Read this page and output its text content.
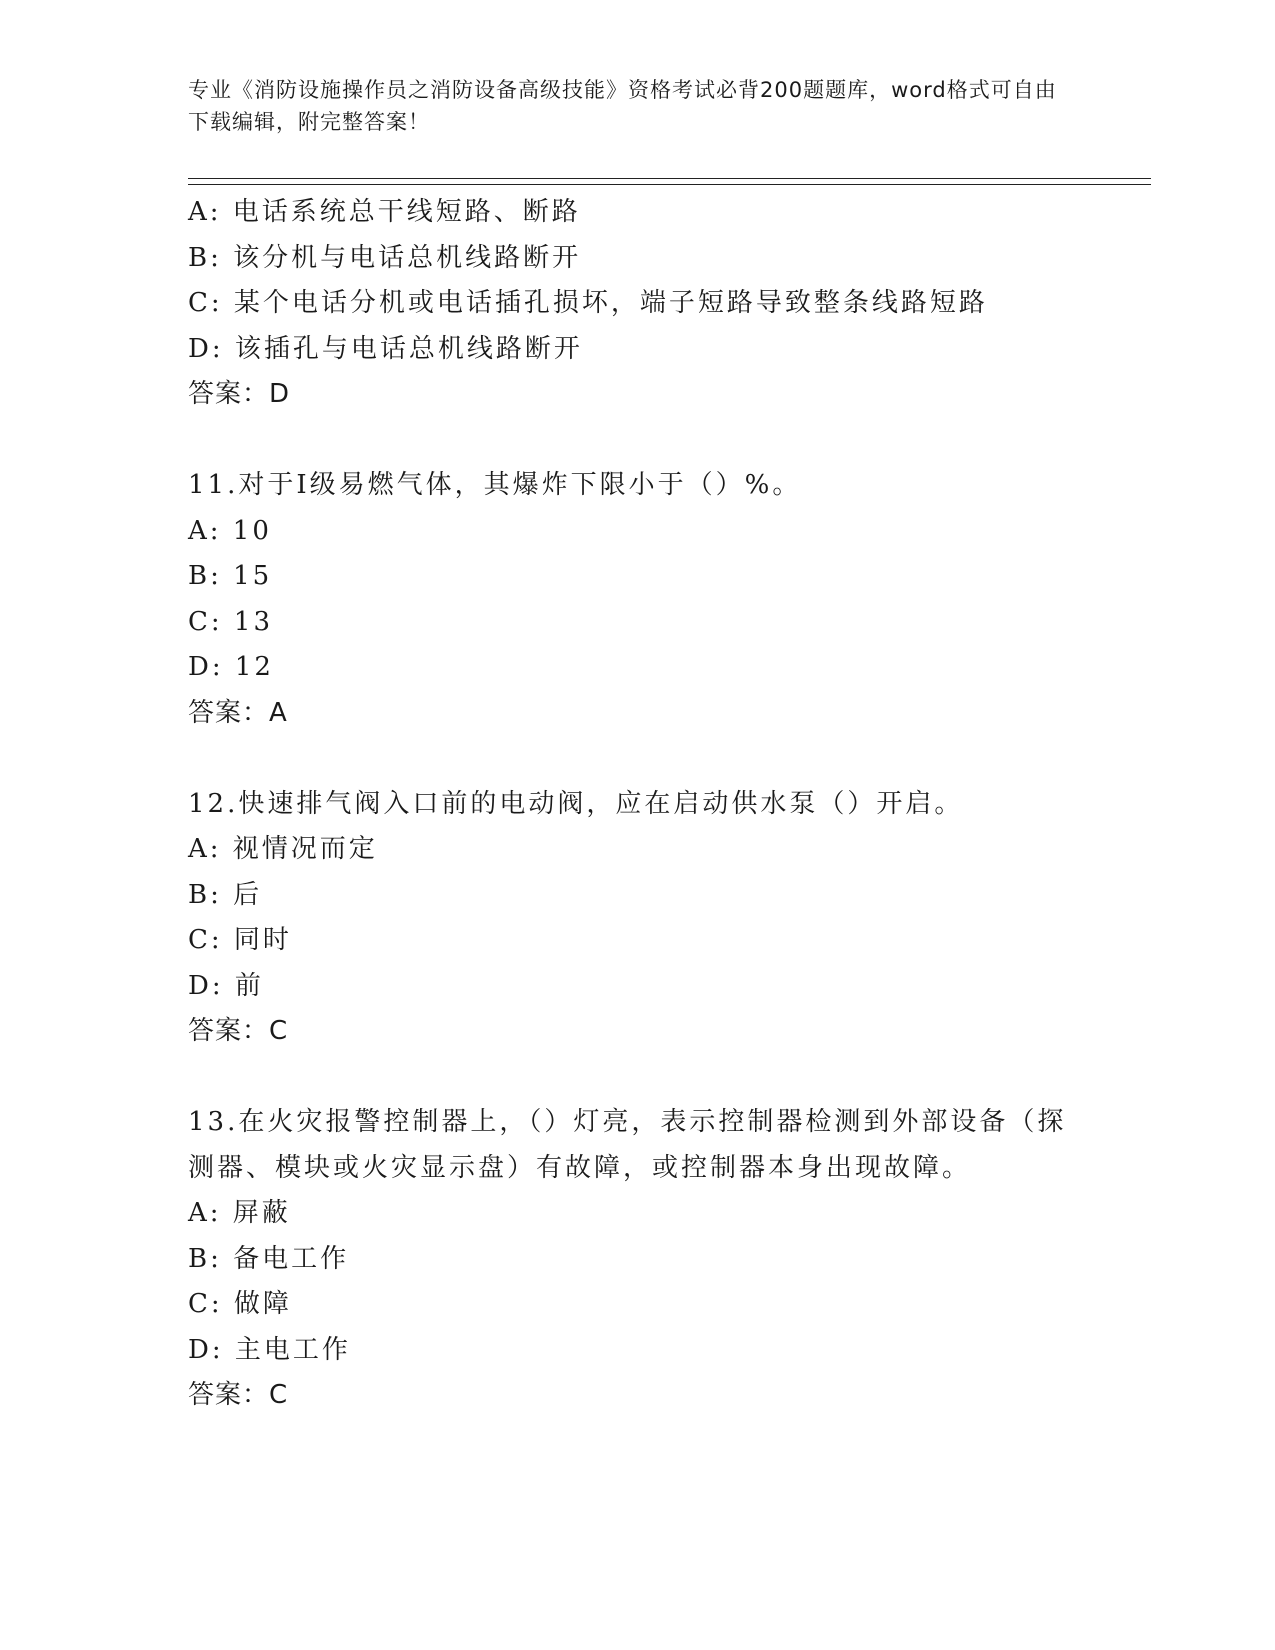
专业《消防设施操作员之消防设备高级技能》资格考试必背200题题库，word格式可自由下载编辑，附完整答案！
A: 电话系统总干线短路、断路
B: 该分机与电话总机线路断开
C: 某个电话分机或电话插孔损坏，端子短路导致整条线路短路
D: 该插孔与电话总机线路断开
答案：D
11.对于Ⅰ级易燃气体，其爆炸下限小于（）%。
A: 10
B: 15
C: 13
D: 12
答案：A
12.快速排气阀入口前的电动阀，应在启动供水泵（）开启。
A: 视情况而定
B: 后
C: 同时
D: 前
答案：C
13.在火灾报警控制器上，（）灯亮，表示控制器检测到外部设备（探测器、模块或火灾显示盘）有故障，或控制器本身出现故障。
A: 屏蔽
B: 备电工作
C: 做障
D: 主电工作
答案：C
